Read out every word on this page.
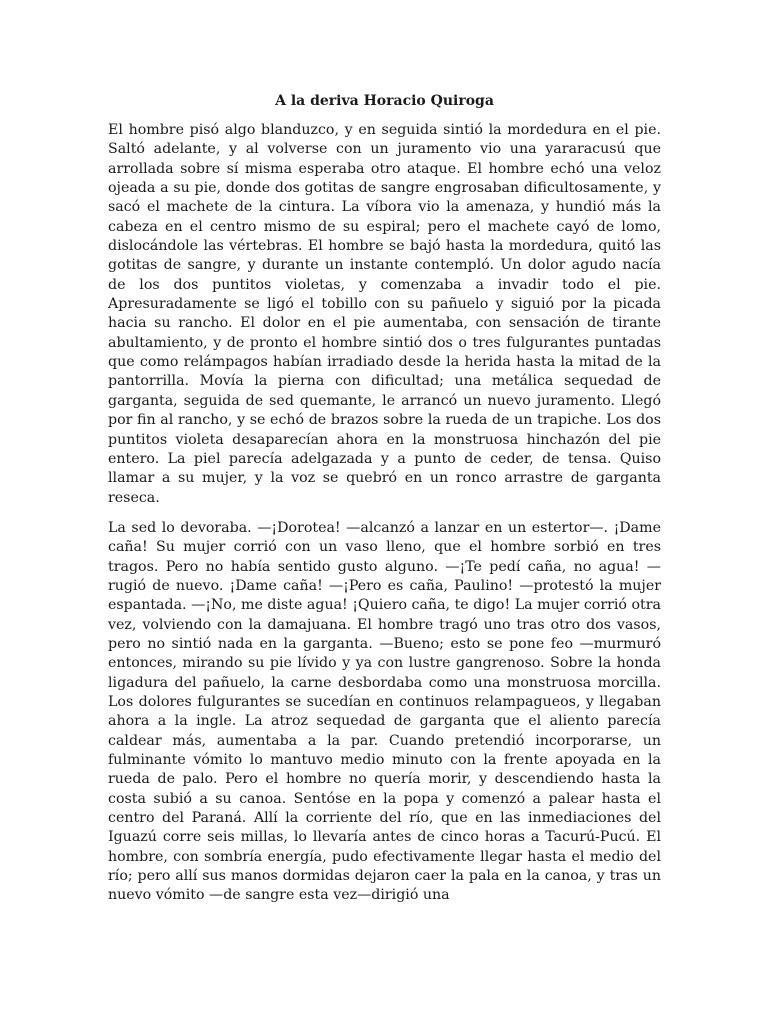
A la deriva Horacio Quiroga

El hombre pisó algo blanduzco, y en seguida sintió la mordedura en el pie. Saltó adelante, y al volverse con un juramento vio una yararacusú que arrollada sobre sí misma esperaba otro ataque. El hombre echó una veloz ojeada a su pie, donde dos gotitas de sangre engrosaban dificultosamente, y sacó el machete de la cintura. La víbora vio la amenaza, y hundió más la cabeza en el centro mismo de su espiral; pero el machete cayó de lomo, dislocándole las vértebras. El hombre se bajó hasta la mordedura, quitó las gotitas de sangre, y durante un instante contempló. Un dolor agudo nacía de los dos puntitos violetas, y comenzaba a invadir todo el pie. Apresuradamente se ligó el tobillo con su pañuelo y siguió por la picada hacia su rancho. El dolor en el pie aumentaba, con sensación de tirante abultamiento, y de pronto el hombre sintió dos o tres fulgurantes puntadas que como relámpagos habían irradiado desde la herida hasta la mitad de la pantorrilla. Movía la pierna con dificultad; una metálica sequedad de garganta, seguida de sed quemante, le arrancó un nuevo juramento. Llegó por fin al rancho, y se echó de brazos sobre la rueda de un trapiche. Los dos puntitos violeta desaparecían ahora en la monstruosa hinchazón del pie entero. La piel parecía adelgazada y a punto de ceder, de tensa. Quiso llamar a su mujer, y la voz se quebró en un ronco arrastre de garganta reseca.

La sed lo devoraba. —¡Dorotea! —alcanzó a lanzar en un estertor—. ¡Dame caña! Su mujer corrió con un vaso lleno, que el hombre sorbió en tres tragos. Pero no había sentido gusto alguno. —¡Te pedí caña, no agua! —rugió de nuevo. ¡Dame caña! —¡Pero es caña, Paulino! —protestó la mujer espantada. —¡No, me diste agua! ¡Quiero caña, te digo! La mujer corrió otra vez, volviendo con la damajuana. El hombre tragó uno tras otro dos vasos, pero no sintió nada en la garganta. —Bueno; esto se pone feo —murmuró entonces, mirando su pie lívido y ya con lustre gangrenoso. Sobre la honda ligadura del pañuelo, la carne desbordaba como una monstruosa morcilla. Los dolores fulgurantes se sucedían en continuos relampagueos, y llegaban ahora a la ingle. La atroz sequedad de garganta que el aliento parecía caldear más, aumentaba a la par. Cuando pretendió incorporarse, un fulminante vómito lo mantuvo medio minuto con la frente apoyada en la rueda de palo. Pero el hombre no quería morir, y descendiendo hasta la costa subió a su canoa. Sentóse en la popa y comenzó a palear hasta el centro del Paraná. Allí la corriente del río, que en las inmediaciones del Iguazú corre seis millas, lo llevaría antes de cinco horas a Tacurú-Pucú. El hombre, con sombría energía, pudo efectivamente llegar hasta el medio del río; pero allí sus manos dormidas dejaron caer la pala en la canoa, y tras un nuevo vómito —de sangre esta vez—dirigió una
